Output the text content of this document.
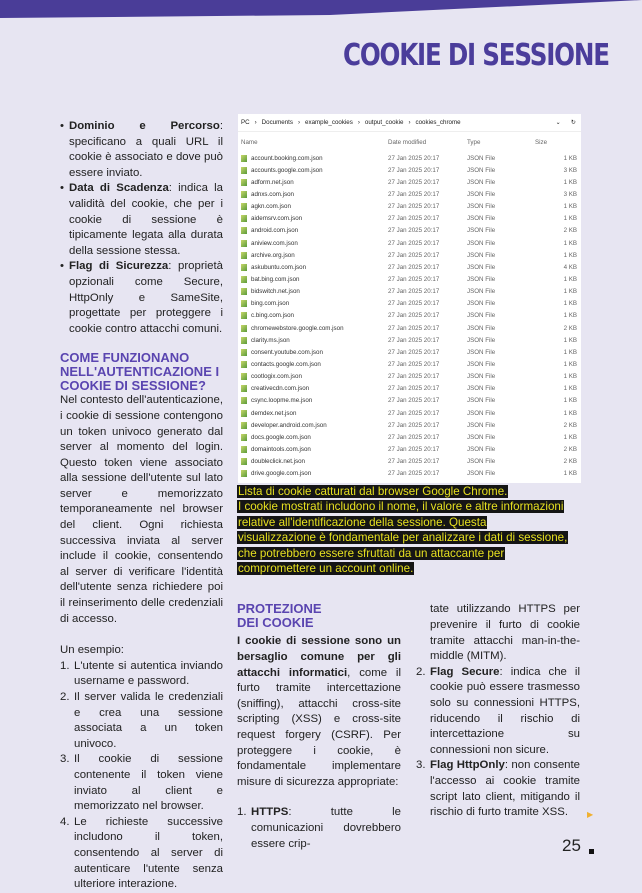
COOKIE DI SESSIONE
• Dominio e Percorso: specificano a quali URL il cookie è associato e dove può essere inviato.
• Data di Scadenza: indica la validità del cookie, che per i cookie di sessione è tipicamente legata alla durata della sessione stessa.
• Flag di Sicurezza: proprietà opzionali come Secure, HttpOnly e SameSite, progettate per proteggere i cookie contro attacchi comuni.
COME FUNZIONANO NELL'AUTENTICAZIONE I COOKIE DI SESSIONE?

Nel contesto dell'autenticazione, i cookie di sessione contengono un token univoco generato dal server al momento del login. Questo token viene associato alla sessione dell'utente sul lato server e memorizzato temporaneamente nel browser del client. Ogni richiesta successiva inviata al server include il cookie, consentendo al server di verificare l'identità dell'utente senza richiedere poi il reinserimento delle credenziali di accesso.

Un esempio:

1. L'utente si autentica inviando username e password.
2. Il server valida le credenziali e crea una sessione associata a un token univoco.
3. Il cookie di sessione contenente il token viene inviato al client e memorizzato nel browser.
4. Le richieste successive includono il token, consentendo al server di autenticare l'utente senza ulteriore interazione.
PC › Documents › example_cookies › output_cookie › cookies_chrome	⌄	↻
Name	Date modified	Type	Size
account.booking.com.json	27 Jan 2025 20:17	JSON File	1 KB
accounts.google.com.json	27 Jan 2025 20:17	JSON File	3 KB
adform.net.json	27 Jan 2025 20:17	JSON File	1 KB
adnxs.com.json	27 Jan 2025 20:17	JSON File	3 KB
agkn.com.json	27 Jan 2025 20:17	JSON File	1 KB
aidemsrv.com.json	27 Jan 2025 20:17	JSON File	1 KB
android.com.json	27 Jan 2025 20:17	JSON File	2 KB
aniview.com.json	27 Jan 2025 20:17	JSON File	1 KB
archive.org.json	27 Jan 2025 20:17	JSON File	1 KB
askubuntu.com.json	27 Jan 2025 20:17	JSON File	4 KB
bat.bing.com.json	27 Jan 2025 20:17	JSON File	1 KB
bidswitch.net.json	27 Jan 2025 20:17	JSON File	1 KB
bing.com.json	27 Jan 2025 20:17	JSON File	1 KB
c.bing.com.json	27 Jan 2025 20:17	JSON File	1 KB
chromewebstore.google.com.json	27 Jan 2025 20:17	JSON File	2 KB
clarity.ms.json	27 Jan 2025 20:17	JSON File	1 KB
consent.youtube.com.json	27 Jan 2025 20:17	JSON File	1 KB
contacts.google.com.json	27 Jan 2025 20:17	JSON File	1 KB
cootlogix.com.json	27 Jan 2025 20:17	JSON File	1 KB
creativecdn.com.json	27 Jan 2025 20:17	JSON File	1 KB
csync.loopme.me.json	27 Jan 2025 20:17	JSON File	1 KB
demdex.net.json	27 Jan 2025 20:17	JSON File	1 KB
developer.android.com.json	27 Jan 2025 20:17	JSON File	2 KB
docs.google.com.json	27 Jan 2025 20:17	JSON File	1 KB
domaintools.com.json	27 Jan 2025 20:17	JSON File	2 KB
doubleclick.net.json	27 Jan 2025 20:17	JSON File	2 KB
drive.google.com.json	27 Jan 2025 20:17	JSON File	1 KB
Lista di cookie catturati dal browser Google Chrome.
I cookie mostrati includono il nome, il valore e altre informazioni
relative all'identificazione della sessione. Questa
visualizzazione è fondamentale per analizzare i dati di sessione,
che potrebbero essere sfruttati da un attaccante per
compromettere un account online.
PROTEZIONE DEI COOKIE

I cookie di sessione sono un bersaglio comune per gli attacchi informatici, come il furto tramite intercettazione (sniffing), attacchi cross-site scripting (XSS) e cross-site request forgery (CSRF). Per proteggere i cookie, è fondamentale implementare misure di sicurezza appropriate:

1. HTTPS: tutte le comunicazioni dovrebbero essere crip-

tate utilizzando HTTPS per prevenire il furto di cookie tramite attacchi man-in-the-middle (MITM).

2. Flag Secure: indica che il cookie può essere trasmesso solo su connessioni HTTPS, riducendo il rischio di intercettazione su connessioni non sicure.
3. Flag HttpOnly: non consente l'accesso ai cookie tramite script lato client, mitigando il rischio di furto tramite XSS.	▶
25
